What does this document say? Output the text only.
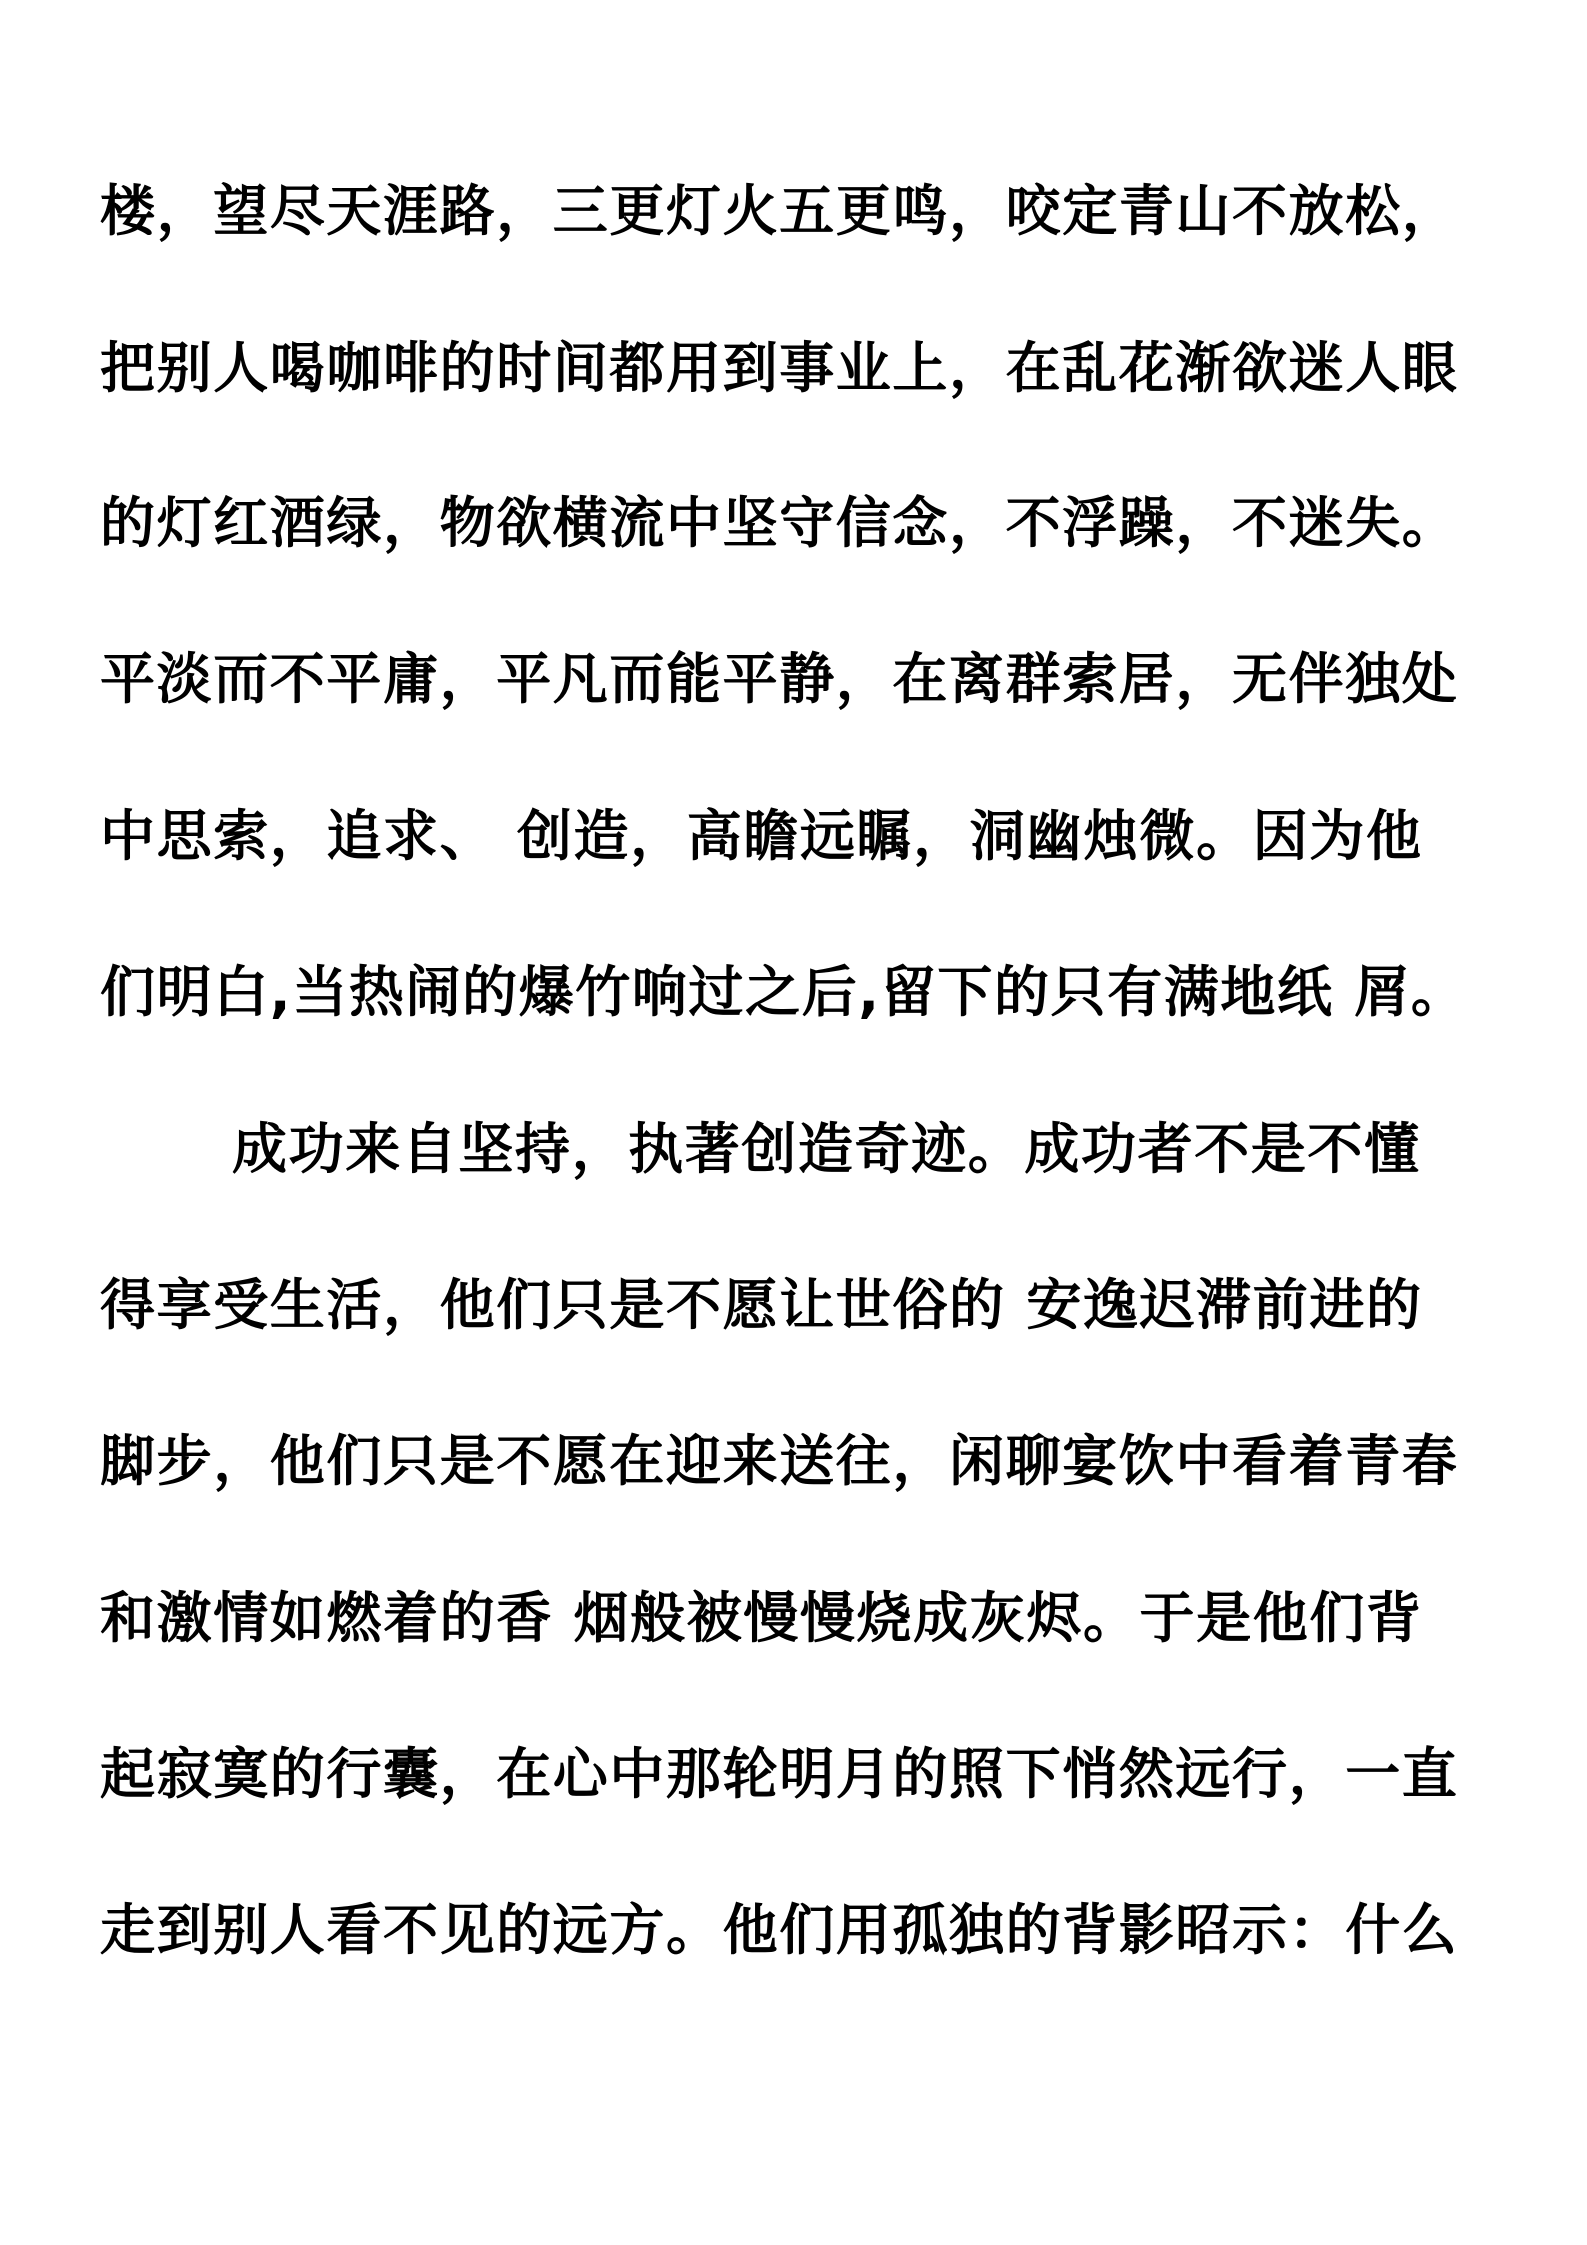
楼，望尽天涯路，三更灯火五更鸣，咬定青山不放松，
把别人喝咖啡的时间都用到事业上，在乱花渐欲迷人眼
的灯红酒绿，物欲横流中坚守信念，不浮躁，不迷失。
平淡而不平庸，平凡而能平静，在离群索居，无伴独处
中思索，追求、 创造，高瞻远瞩，洞幽烛微。因为他
们明白,当热闹的爆竹响过之后,留下的只有满地纸 屑。
成功来自坚持，执著创造奇迹。成功者不是不懂
得享受生活，他们只是不愿让世俗的 安逸迟滞前进的
脚步，他们只是不愿在迎来送往，闲聊宴饮中看着青春
和激情如燃着的香 烟般被慢慢烧成灰烬。于是他们背
起寂寞的行囊，在心中那轮明月的照下悄然远行，一直
走到别人看不见的远方。他们用孤独的背影昭示：什么
